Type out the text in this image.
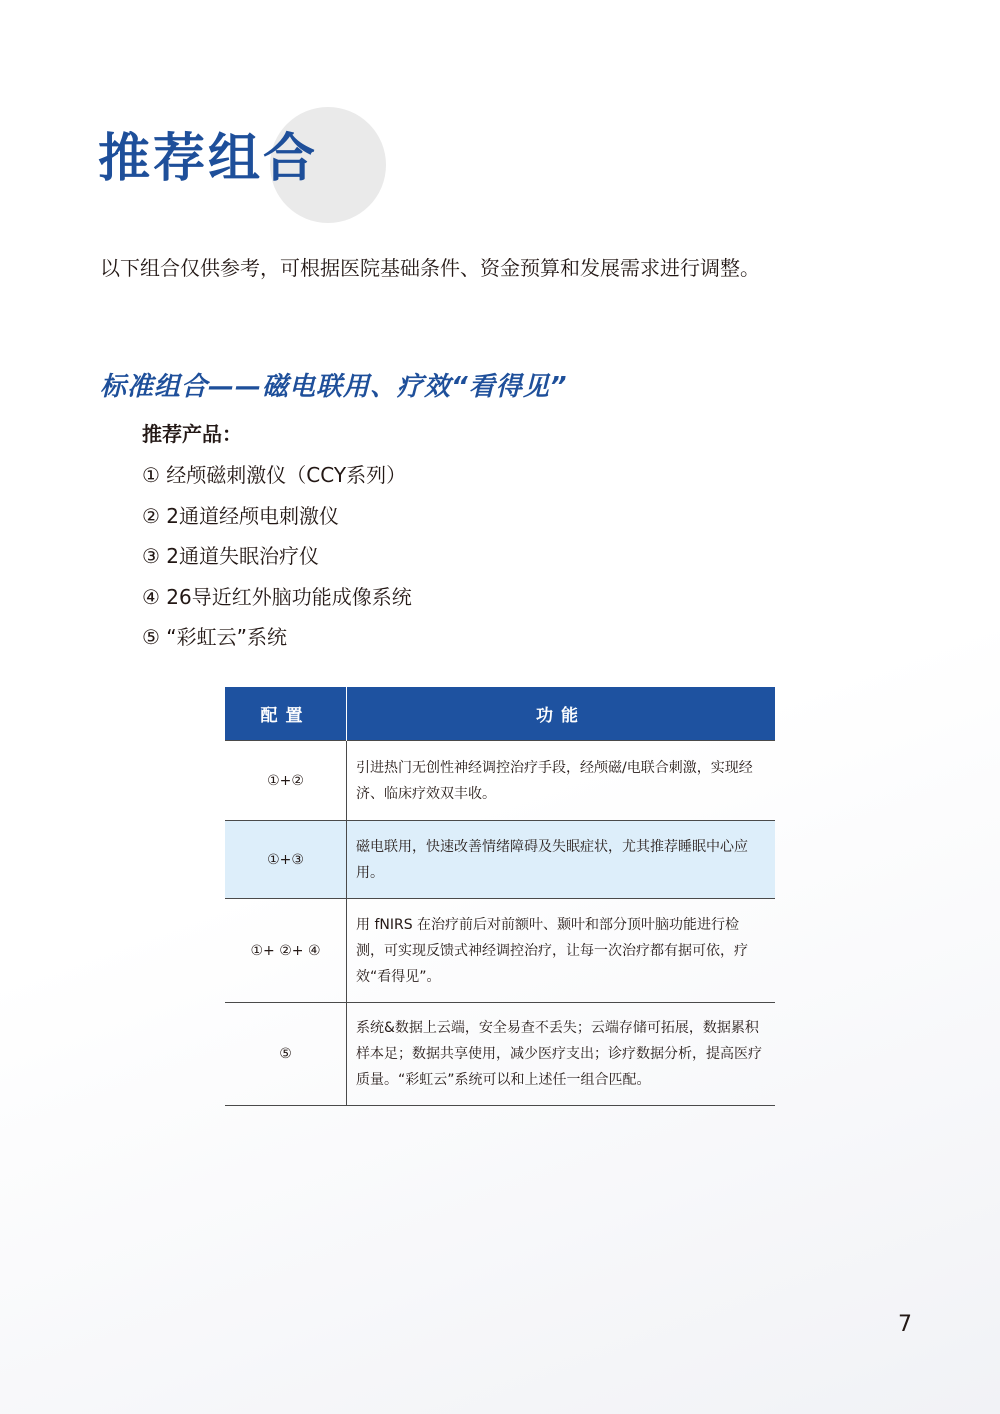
推荐组合

以下组合仅供参考，可根据医院基础条件、资金预算和发展需求进行调整。

标准组合——磁电联用、疗效“看得见”

推荐产品：

① 经颅磁刺激仪（CCY系列）
② 2通道经颅电刺激仪
③ 2通道失眠治疗仪
④ 26导近红外脑功能成像系统
⑤ “彩虹云”系统
配置	功能
①+②	引进热门无创性神经调控治疗手段，经颅磁/电联合刺激，实现经济、临床疗效双丰收。
①+③	磁电联用，快速改善情绪障碍及失眠症状，尤其推荐睡眠中心应用。
①+ ②+ ④	用 fNIRS 在治疗前后对前额叶、颞叶和部分顶叶脑功能进行检测，可实现反馈式神经调控治疗，让每一次治疗都有据可依，疗效“看得见”。
⑤	系统&数据上云端，安全易查不丢失；云端存储可拓展，数据累积样本足；数据共享使用，减少医疗支出；诊疗数据分析，提高医疗质量。“彩虹云”系统可以和上述任一组合匹配。
7
